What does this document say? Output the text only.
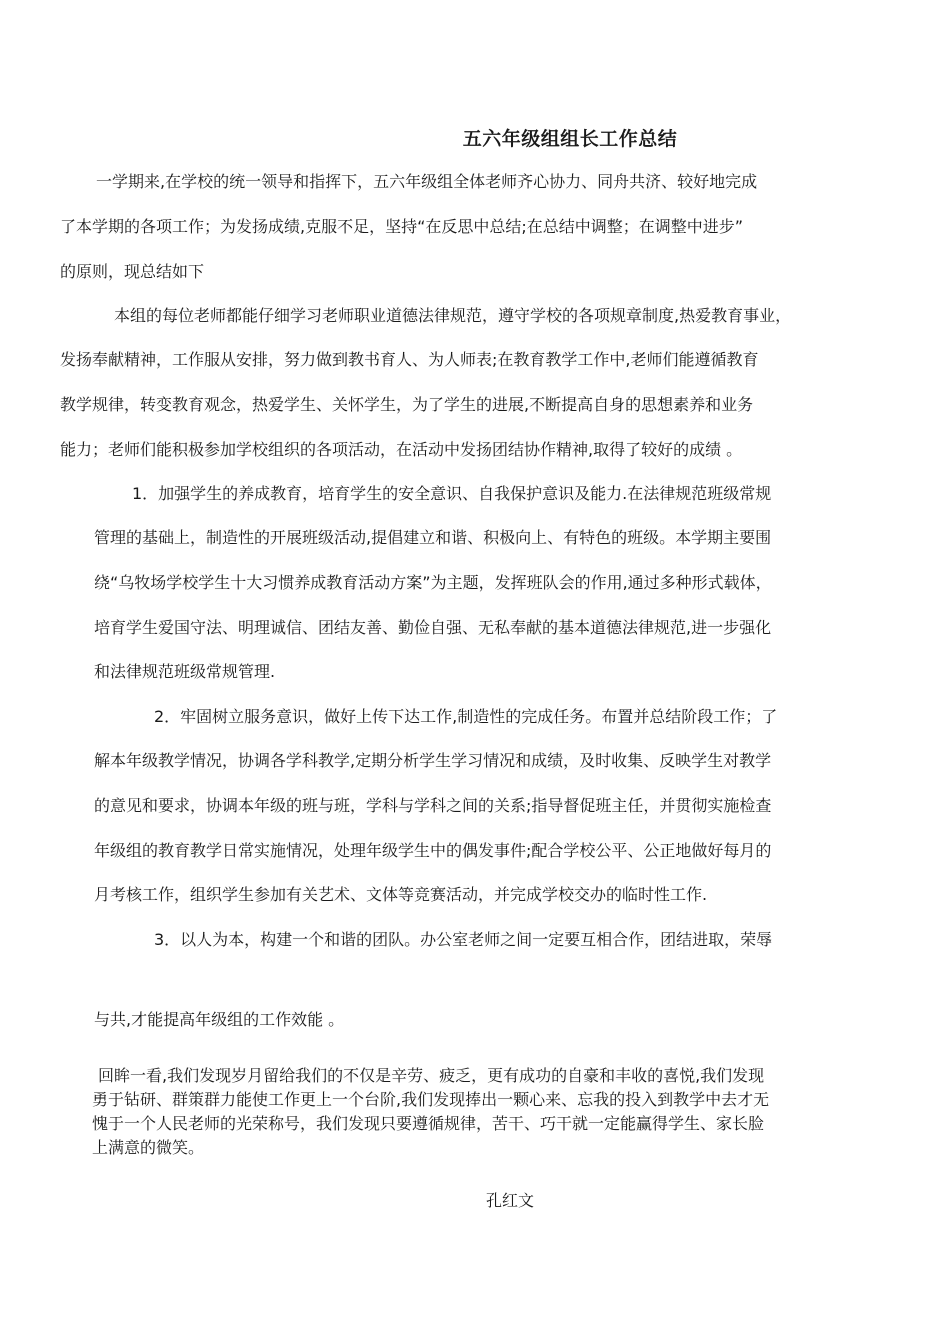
五六年级组组长工作总结
一学期来,在学校的统一领导和指挥下，五六年级组全体老师齐心协力、同舟共济、较好地完成
了本学期的各项工作；为发扬成绩,克服不足，坚持“在反思中总结;在总结中调整；在调整中进步”
的原则，现总结如下
本组的每位老师都能仔细学习老师职业道德法律规范，遵守学校的各项规章制度,热爱教育事业，
发扬奉献精神，工作服从安排，努力做到教书育人、为人师表;在教育教学工作中,老师们能遵循教育
教学规律，转变教育观念，热爱学生、关怀学生，为了学生的进展,不断提高自身的思想素养和业务
能力；老师们能积极参加学校组织的各项活动，在活动中发扬团结协作精神,取得了较好的成绩 。
1．加强学生的养成教育，培育学生的安全意识、自我保护意识及能力.在法律规范班级常规
管理的基础上，制造性的开展班级活动,提倡建立和谐、积极向上、有特色的班级。本学期主要围
绕“乌牧场学校学生十大习惯养成教育活动方案”为主题，发挥班队会的作用,通过多种形式载体，
培育学生爱国守法、明理诚信、团结友善、勤俭自强、无私奉献的基本道德法律规范,进一步强化
和法律规范班级常规管理.
2．牢固树立服务意识，做好上传下达工作,制造性的完成任务。布置并总结阶段工作；了
解本年级教学情况，协调各学科教学,定期分析学生学习情况和成绩，及时收集、反映学生对教学
的意见和要求，协调本年级的班与班，学科与学科之间的关系;指导督促班主任，并贯彻实施检查
年级组的教育教学日常实施情况，处理年级学生中的偶发事件;配合学校公平、公正地做好每月的
月考核工作，组织学生参加有关艺术、文体等竞赛活动，并完成学校交办的临时性工作.
3．以人为本，构建一个和谐的团队。办公室老师之间一定要互相合作，团结进取，荣辱
与共,才能提高年级组的工作效能 。
回眸一看,我们发现岁月留给我们的不仅是辛劳、疲乏，更有成功的自豪和丰收的喜悦,我们发现
勇于钻研、群策群力能使工作更上一个台阶,我们发现捧出一颗心来、忘我的投入到教学中去才无
愧于一个人民老师的光荣称号，我们发现只要遵循规律，苦干、巧干就一定能赢得学生、家长脸
上满意的微笑。
孔红文
